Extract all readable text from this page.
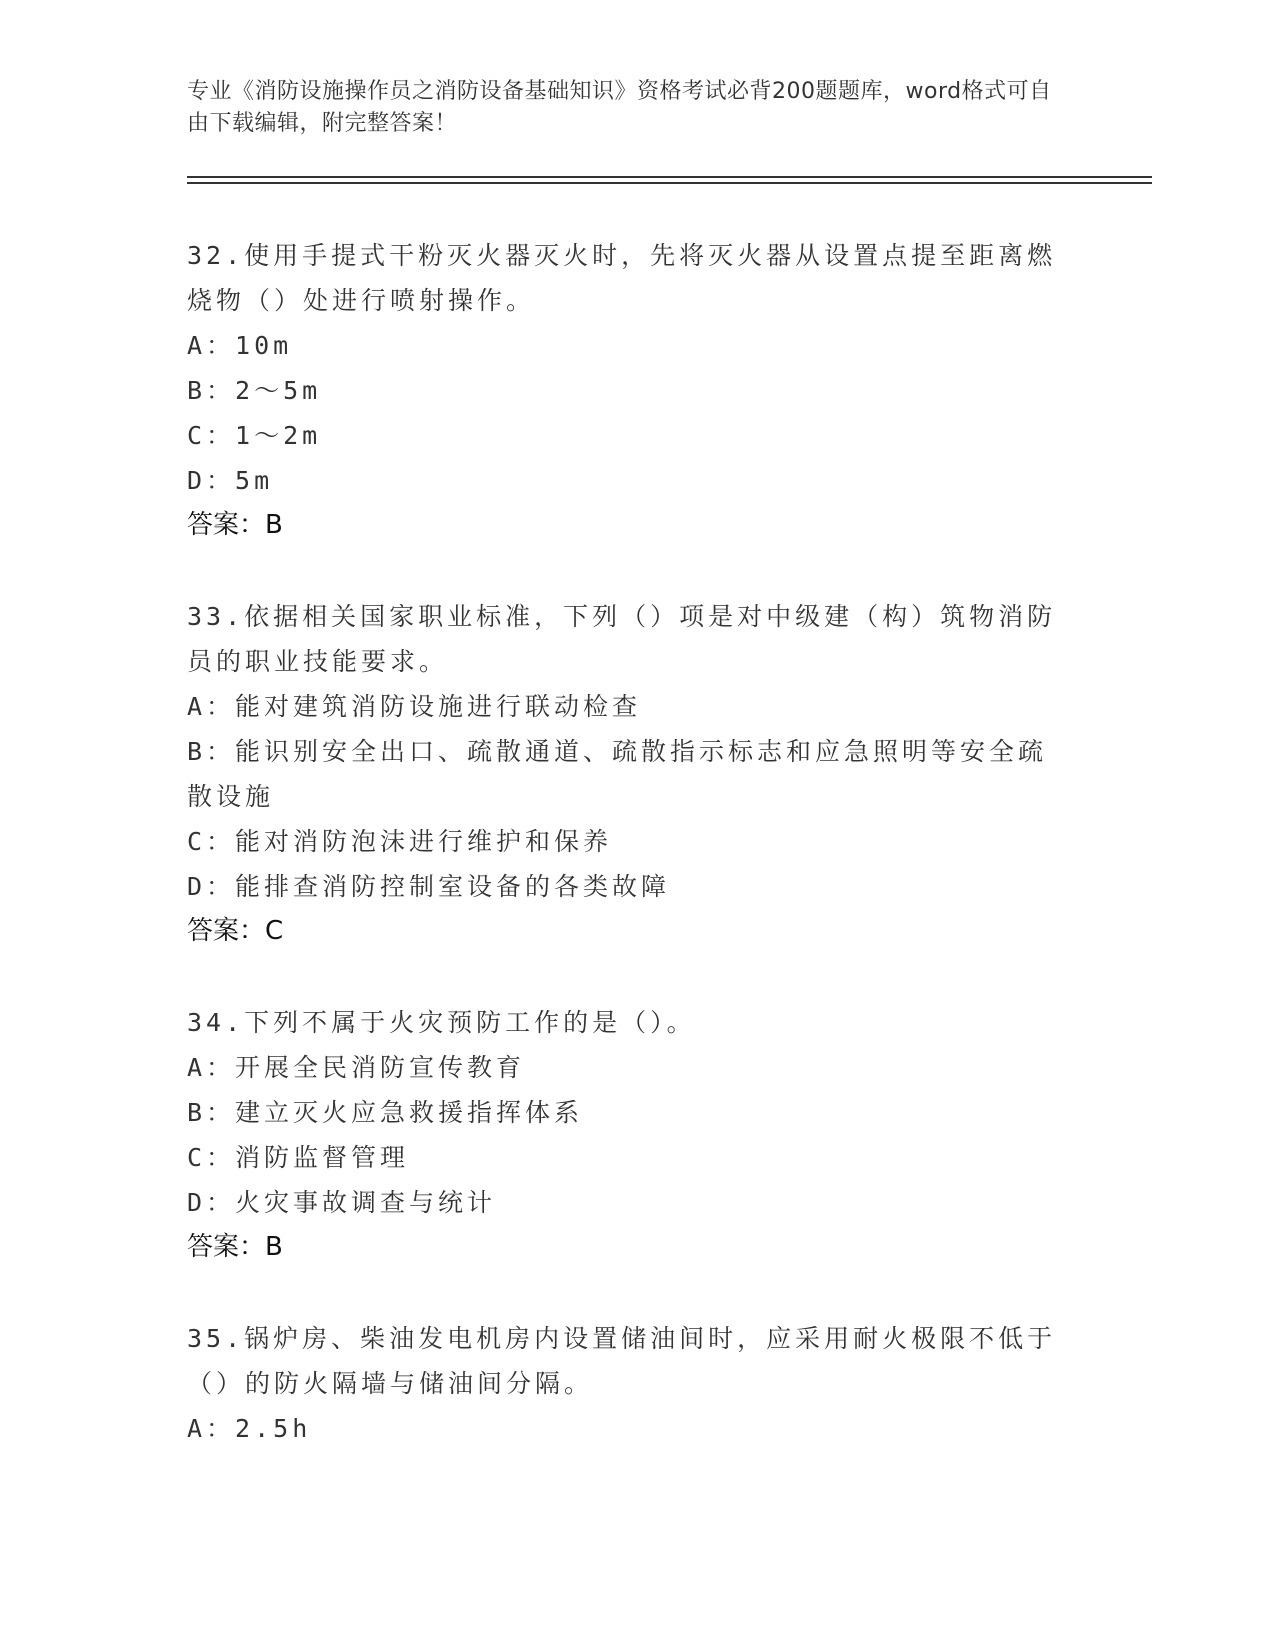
专业《消防设施操作员之消防设备基础知识》资格考试必背200题题库，word格式可自由下载编辑，附完整答案！
32.使用手提式干粉灭火器灭火时，先将灭火器从设置点提至距离燃烧物（）处进行喷射操作。
A：10m
B：2～5m
C：1～2m
D：5m
答案：B
33.依据相关国家职业标准，下列（）项是对中级建（构）筑物消防员的职业技能要求。
A：能对建筑消防设施进行联动检查
B：能识别安全出口、疏散通道、疏散指示标志和应急照明等安全疏散设施
C：能对消防泡沫进行维护和保养
D：能排查消防控制室设备的各类故障
答案：C
34.下列不属于火灾预防工作的是（）。
A：开展全民消防宣传教育
B：建立灭火应急救援指挥体系
C：消防监督管理
D：火灾事故调查与统计
答案：B
35.锅炉房、柴油发电机房内设置储油间时，应采用耐火极限不低于（）的防火隔墙与储油间分隔。
A：2.5h
